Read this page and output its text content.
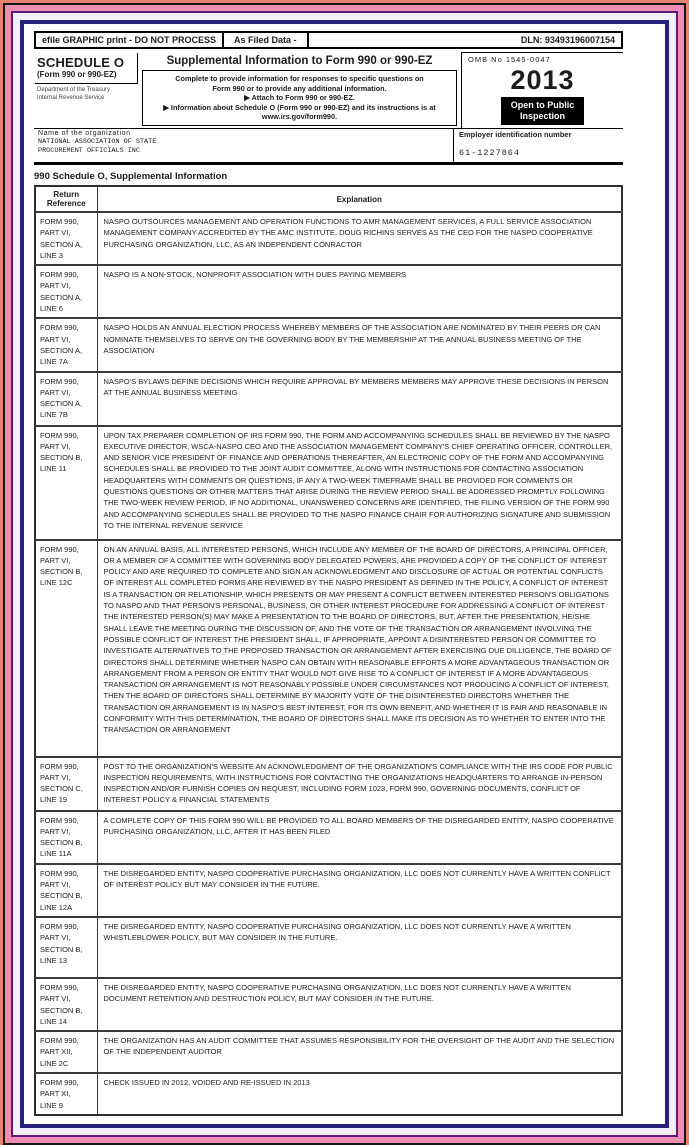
efile GRAPHIC print - DO NOT PROCESS	As Filed Data -	DLN: 93493196007154
SCHEDULE O
(Form 990 or 990-EZ)
Department of the Treasury
Internal Revenue Service
Supplemental Information to Form 990 or 990-EZ
Complete to provide information for responses to specific questions on
Form 990 or to provide any additional information.
▶ Attach to Form 990 or 990-EZ.
▶ Information about Schedule O (Form 990 or 990-EZ) and its instructions is at
www.irs.gov/form990.
OMB No 1545-0047
2013
Open to Public
Inspection
Name of the organization
NATIONAL ASSOCIATION OF STATE
PROCUREMENT OFFICIALS INC
Employer identification number
61-1227864
990 Schedule O, Supplemental Information
Return Reference	Explanation

FORM 990,
PART VI,
SECTION A,
LINE 3
	NASPO OUTSOURCES MANAGEMENT AND OPERATION FUNCTIONS TO AMR MANAGEMENT SERVICES, A FULL SERVICE ASSOCIATION MANAGEMENT COMPANY ACCREDITED BY THE AMC INSTITUTE. DOUG RICHINS SERVES AS THE CEO FOR THE NASPO COOPERATIVE PURCHASING ORGANIZATION, LLC, AS AN INDEPENDENT CONRACTOR

FORM 990,
PART VI,
SECTION A,
LINE 6	NASPO IS A NON-STOCK, NONPROFIT ASSOCIATION WITH DUES PAYING MEMBERS

FORM 990,
PART VI,
SECTION A,
LINE 7A
	NASPO HOLDS AN ANNUAL ELECTION PROCESS WHEREBY MEMBERS OF THE ASSOCIATION ARE NOMINATED BY THEIR PEERS OR CAN NOMINATE THEMSELVES TO SERVE ON THE GOVERNING BODY BY THE MEMBERSHIP AT THE ANNUAL BUSINESS MEETING OF THE ASSOCIATION

FORM 990,
PART VI,
SECTION A,
LINE 7B	NASPO'S BYLAWS DEFINE DECISIONS WHICH REQUIRE APPROVAL BY MEMBERS MEMBERS MAY APPROVE THESE DECISIONS IN PERSON AT THE ANNUAL BUSINESS MEETING

FORM 990,
PART VI,
SECTION B,
LINE 11
	UPON TAX PREPARER COMPLETION OF IRS FORM 990, THE FORM AND ACCOMPANYING SCHEDULES SHALL BE REVIEWED BY THE NASPO EXECUTIVE DIRECTOR, WSCA-NASPO CEO AND THE ASSOCIATION MANAGEMENT COMPANY'S CHIEF OPERATING OFFICER, CONTROLLER, AND SENIOR VICE PRESIDENT OF FINANCE AND OPERATIONS THEREAFTER, AN ELECTRONIC COPY OF THE FORM AND ACCOMPANYING SCHEDULES SHALL BE PROVIDED TO THE JOINT AUDIT COMMITTEE, ALONG WITH INSTRUCTIONS FOR CONTACTING ASSOCIATION HEADQUARTERS WITH COMMENTS OR QUESTIONS, IF ANY A TWO-WEEK TIMEFRAME SHALL BE PROVIDED FOR COMMENTS OR QUESTIONS QUESTIONS OR OTHER MATTERS THAT ARISE DURING THE REVIEW PERIOD SHALL BE ADDRESSED PROMPTLY FOLLOWING THE TWO-WEEK REVIEW PERIOD, IF NO ADDITIONAL, UNANSWERED CONCERNS ARE IDENTIFIED, THE FILING VERSION OF THE FORM 990 AND ACCOMPANYING SCHEDULES SHALL BE PROVIDED TO THE NASPO FINANCE CHAIR FOR AUTHORIZING SIGNATURE AND SUBMISSION TO THE INTERNAL REVENUE SERVICE

FORM 990,
PART VI,
SECTION B,
LINE 12C
	ON AN ANNUAL BASIS, ALL INTERESTED PERSONS, WHICH INCLUDE ANY MEMBER OF THE BOARD OF DIRECTORS, A PRINCIPAL OFFICER, OR A MEMBER OF A COMMITTEE WITH GOVERNING BODY DELEGATED POWERS, ARE PROVIDED A COPY OF THE CONFLICT OF INTEREST POLICY AND ARE REQUIRED TO COMPLETE AND SIGN AN ACKNOWLEDGMENT AND DISCLOSURE OF ACTUAL OR POTENTIAL CONFLICTS OF INTEREST ALL COMPLETED FORMS ARE REVIEWED BY THE NASPO PRESIDENT AS DEFINED IN THE POLICY, A CONFLICT OF INTEREST IS A TRANSACTION OR RELATIONSHIP, WHICH PRESENTS OR MAY PRESENT A CONFLICT BETWEEN INTERESTED PERSON'S OBLIGATIONS TO NASPO AND THAT PERSON'S PERSONAL, BUSINESS, OR OTHER INTEREST PROCEDURE FOR ADDRESSING A CONFLICT OF INTEREST THE INTERESTED PERSON(S) MAY MAKE A PRESENTATION TO THE BOARD OF DIRECTORS, BUT, AFTER THE PRESENTATION, HE/SHE SHALL LEAVE THE MEETING DURING THE DISCUSSION OF, AND THE VOTE OF THE TRANSACTION OR ARRANGEMENT INVOLVING THE POSSIBLE CONFLICT OF INTEREST THE PRESIDENT SHALL, IF APPROPRIATE, APPOINT A DISINTERESTED PERSON OR COMMITTEE TO INVESTIGATE ALTERNATIVES TO THE PROPOSED TRANSACTION OR ARRANGEMENT AFTER EXERCISING DUE DILLIGENCE, THE BOARD OF DIRECTORS SHALL DETERMINE WHETHER NASPO CAN OBTAIN WITH REASONABLE EFFORTS A MORE ADVANTAGEOUS TRANSACTION OR ARRANGEMENT FROM A PERSON OR ENTITY THAT WOULD NOT GIVE RISE TO A CONFLICT OF INTEREST IF A MORE ADVANTAGEOUS TRANSACTION OR ARRANGEMENT IS NOT REASONABLY POSSIBLE UNDER CIRCUMSTANCES NOT PRODUCING A CONFLICT OF INTEREST, THEN THE BOARD OF DIRECTORS SHALL DETERMINE BY MAJORITY VOTE OF THE DISINTERESTED DIRECTORS WHETHER THE TRANSACTION OR ARRANGEMENT IS IN NASPO'S BEST INTEREST, FOR ITS OWN BENEFIT, AND WHETHER IT IS FAIR AND REASONABLE IN CONFORMITY WITH THIS DETERMINATION, THE BOARD OF DIRECTORS SHALL MAKE ITS DECISION AS TO WHETHER TO ENTER INTO THE TRANSACTION OR ARRANGEMENT

FORM 990,
PART VI,
SECTION C,
LINE 19
	POST TO THE ORGANIZATION'S WEBSITE AN ACKNOWLEDGMENT OF THE ORGANIZATION'S COMPLIANCE WITH THE IRS CODE FOR PUBLIC INSPECTION REQUIREMENTS, WITH INSTRUCTIONS FOR CONTACTING THE ORGANIZATIONS HEADQUARTERS TO ARRANGE IN-PERSON INSPECTION AND/OR FURNISH COPIES ON REQUEST, INCLUDING FORM 1023, FORM 990, GOVERNING DOCUMENTS, CONFLICT OF INTEREST POLICY & FINANCIAL STATEMENTS

FORM 990,
PART VI,
SECTION B,
LINE 11A	A COMPLETE COPY OF THIS FORM 990 WILL BE PROVIDED TO ALL BOARD MEMBERS OF THE DISREGARDED ENTITY, NASPO COOPERATIVE PURCHASING ORGANIZATION, LLC, AFTER IT HAS BEEN FILED

FORM 990,
PART VI,
SECTION B,
LINE 12A	THE DISREGARDED ENTITY, NASPO COOPERATIVE PURCHASING ORGANIZATION, LLC DOES NOT CURRENTLY HAVE A WRITTEN CONFLICT OF INTEREST POLICY BUT MAY CONSIDER IN THE FUTURE.

FORM 990,
PART VI,
SECTION B,
LINE 13	THE DISREGARDED ENTITY, NASPO COOPERATIVE PURCHASING ORGANIZATION, LLC DOES NOT CURRENTLY HAVE A WRITTEN WHISTLEBLOWER POLICY, BUT MAY CONSIDER IN THE FUTURE.

FORM 990,
PART VI,
SECTION B,
LINE 14	THE DISREGARDED ENTITY, NASPO COOPERATIVE PURCHASING ORGANIZATION, LLC DOES NOT CURRENTLY HAVE A WRITTEN DOCUMENT RETENTION AND DESTRUCTION POLICY, BUT MAY CONSIDER IN THE FUTURE.

FORM 990,
PART XII,
LINE 2C	THE ORGANIZATION HAS AN AUDIT COMMITTEE THAT ASSUMES RESPONSIBILITY FOR THE OVERSIGHT OF THE AUDIT AND THE SELECTION OF THE INDEPENDENT AUDITOR

FORM 990,
PART XI,
LINE 9	CHECK ISSUED IN 2012, VOIDED AND RE-ISSUED IN 2013
